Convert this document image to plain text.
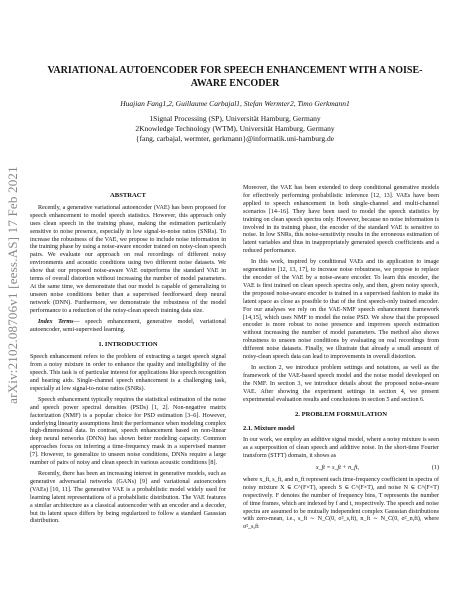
arXiv:2102.08706v1 [eess.AS] 17 Feb 2021
VARIATIONAL AUTOENCODER FOR SPEECH ENHANCEMENT WITH A NOISE-AWARE ENCODER
Huajian Fang1,2, Guillaume Carbajal1, Stefan Wermter2, Timo Gerkmann1
1Signal Processing (SP), Universität Hamburg, Germany
2Knowledge Technology (WTM), Universität Hamburg, Germany
{fang, carbajal, wermter, gerkmann}@informatik.uni-hamburg.de
ABSTRACT

Recently, a generative variational autoencoder (VAE) has been proposed for speech enhancement to model speech statistics. However, this approach only uses clean speech in the training phase, making the estimation particularly sensitive to noise presence, especially in low signal-to-noise ratios (SNRs). To increase the robustness of the VAE, we propose to include noise information in the training phase by using a noise-aware encoder trained on noisy-clean speech pairs. We evaluate our approach on real recordings of different noisy environments and acoustic conditions using two different noise datasets. We show that our proposed noise-aware VAE outperforms the standard VAE in terms of overall distortion without increasing the number of model parameters. At the same time, we demonstrate that our model is capable of generalizing to unseen noise conditions better than a supervised feedforward deep neural network (DNN). Furthermore, we demonstrate the robustness of the model performance to a reduction of the noisy-clean speech training data size.

Index Terms— speech enhancement, generative model, variational autoencoder, semi-supervised learning.

1. INTRODUCTION

Speech enhancement refers to the problem of extracting a target speech signal from a noisy mixture in order to enhance the quality and intelligibility of the speech. This task is of particular interest for applications like speech recognition and hearing aids. Single-channel speech enhancement is a challenging task, especially at low signal-to-noise ratios (SNRs).

Speech enhancement typically requires the statistical estimation of the noise and speech power spectral densities (PSDs) [1, 2]. Non-negative matrix factorization (NMF) is a popular choice for PSD estimation [3–6]. However, underlying linearity assumptions limit the performance when modeling complex high-dimensional data. In contrast, speech enhancement based on non-linear deep neural networks (DNNs) has shown better modeling capacity. Common approaches focus on inferring a time-frequency mask in a supervised manner [7]. However, to generalize to unseen noise conditions, DNNs require a large number of pairs of noisy and clean speech in various acoustic conditions [8].

Recently, there has been an increasing interest in generative models, such as generative adversarial networks (GANs) [9] and variational autoencoders (VAEs) [10, 11]. The generative VAE is a probabilistic model widely used for learning latent representations of a probabilistic distribution. The VAE features a similar architecture as a classical autoencoder with an encoder and a decoder, but its latent space differs by being regularized to follow a standard Gaussian distribution.

Moreover, the VAE has been extended to deep conditional generative models for effectively performing probabilistic inference [12, 13]. VAEs have been applied to speech enhancement in both single-channel and multi-channel scenarios [14–16]. They have been used to model the speech statistics by training on clean speech spectra only. However, because no noise information is involved in its training phase, the encoder of the standard VAE is sensitive to noise. In low SNRs, this noise-sensitivity results in the erroneous estimation of latent variables and thus in inappropriately generated speech coefficients and a reduced performance.

In this work, inspired by conditional VAEs and its application to image segmentation [12, 13, 17], to increase noise robustness, we propose to replace the encoder of the VAE by a noise-aware encoder. To learn this encoder, the VAE is first trained on clean speech spectra only, and then, given noisy speech, the proposed noise-aware encoder is trained in a supervised fashion to make its latent space as close as possible to that of the first speech-only trained encoder. For our analyses we rely on the VAE-NMF speech enhancement framework [14,15], which uses NMF to model the noise PSD. We show that the proposed encoder is more robust to noise presence and improves speech estimation without increasing the number of model parameters. The method also shows robustness to unseen noise conditions by evaluating on real recordings from different noise datasets. Finally, we illustrate that already a small amount of noisy-clean speech data can lead to improvements in overall distortion.

In section 2, we introduce problem settings and notations, as well as the framework of the VAE-based speech model and the noise model developed on the NMF. In section 3, we introduce details about the proposed noise-aware VAE. After showing the experiment settings in section 4, we present experimental evaluation results and conclusions in section 5 and section 6.

2. PROBLEM FORMULATION
2.1. Mixture model

In our work, we employ an additive signal model, where a noisy mixture is seen as a superposition of clean speech and additive noise. In the short-time Fourier transform (STFT) domain, it shows as

x_ft = s_ft + n_ft,	(1)

where x_ft, s_ft, and n_ft represent each time-frequency coefficient in spectra of noisy mixture X ∈ C^(F×T), speech S ∈ C^(F×T), and noise N ∈ C^(F×T) respectively. F denotes the number of frequency bins, T represents the number of time frames, which are indexed by f and t, respectively. The speech and noise spectra are assumed to be mutually independent complex Gaussian distributions with zero-mean, i.e., s_ft ∼ N_C(0, σ²_s,ft), n_ft ∼ N_C(0, σ²_n,ft), where σ²_s,ft
